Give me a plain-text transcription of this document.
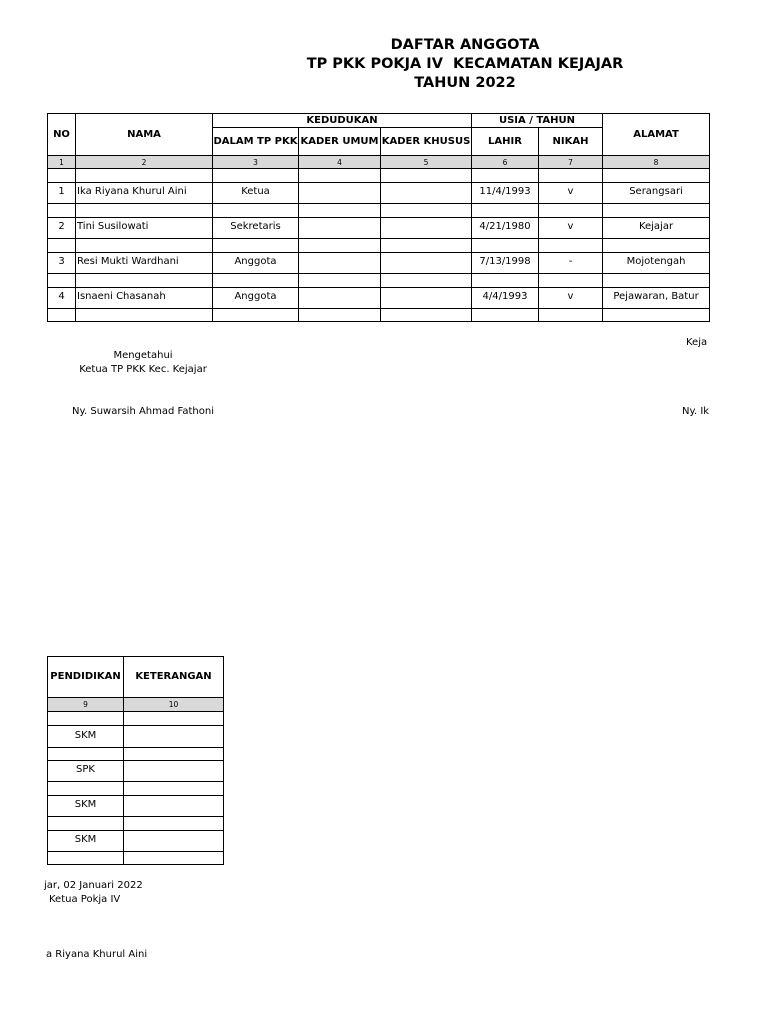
DAFTAR ANGGOTA
TP PKK POKJA IV  KECAMATAN KEJAJAR
TAHUN 2022
NO	NAMA	KEDUDUKAN			USIA / TAHUN		ALAMAT
		DALAM TP PKK	KADER UMUM	KADER KHUSUS	LAHIR	NIKAH	
1	2	3	4	5	6	7	8

1	Ika Riyana Khurul Aini	Ketua			11/4/1993	v	Serangsari

2	Tini Susilowati	Sekretaris			4/21/1980	v	Kejajar

3	Resi Mukti Wardhani	Anggota			7/13/1998	-	Mojotengah

4	Isnaeni Chasanah	Anggota			4/4/1993	v	Pejawaran, Batur

Keja
Ny. Ik
Mengetahui
Ketua TP PKK Kec. Kejajar
Ny. Suwarsih Ahmad Fathoni
PENDIDIKAN	KETERANGAN
9	10

SKM	

SPK	

SKM	

SKM	

jar, 02 Januari 2022
Ketua Pokja IV
a Riyana Khurul Aini
